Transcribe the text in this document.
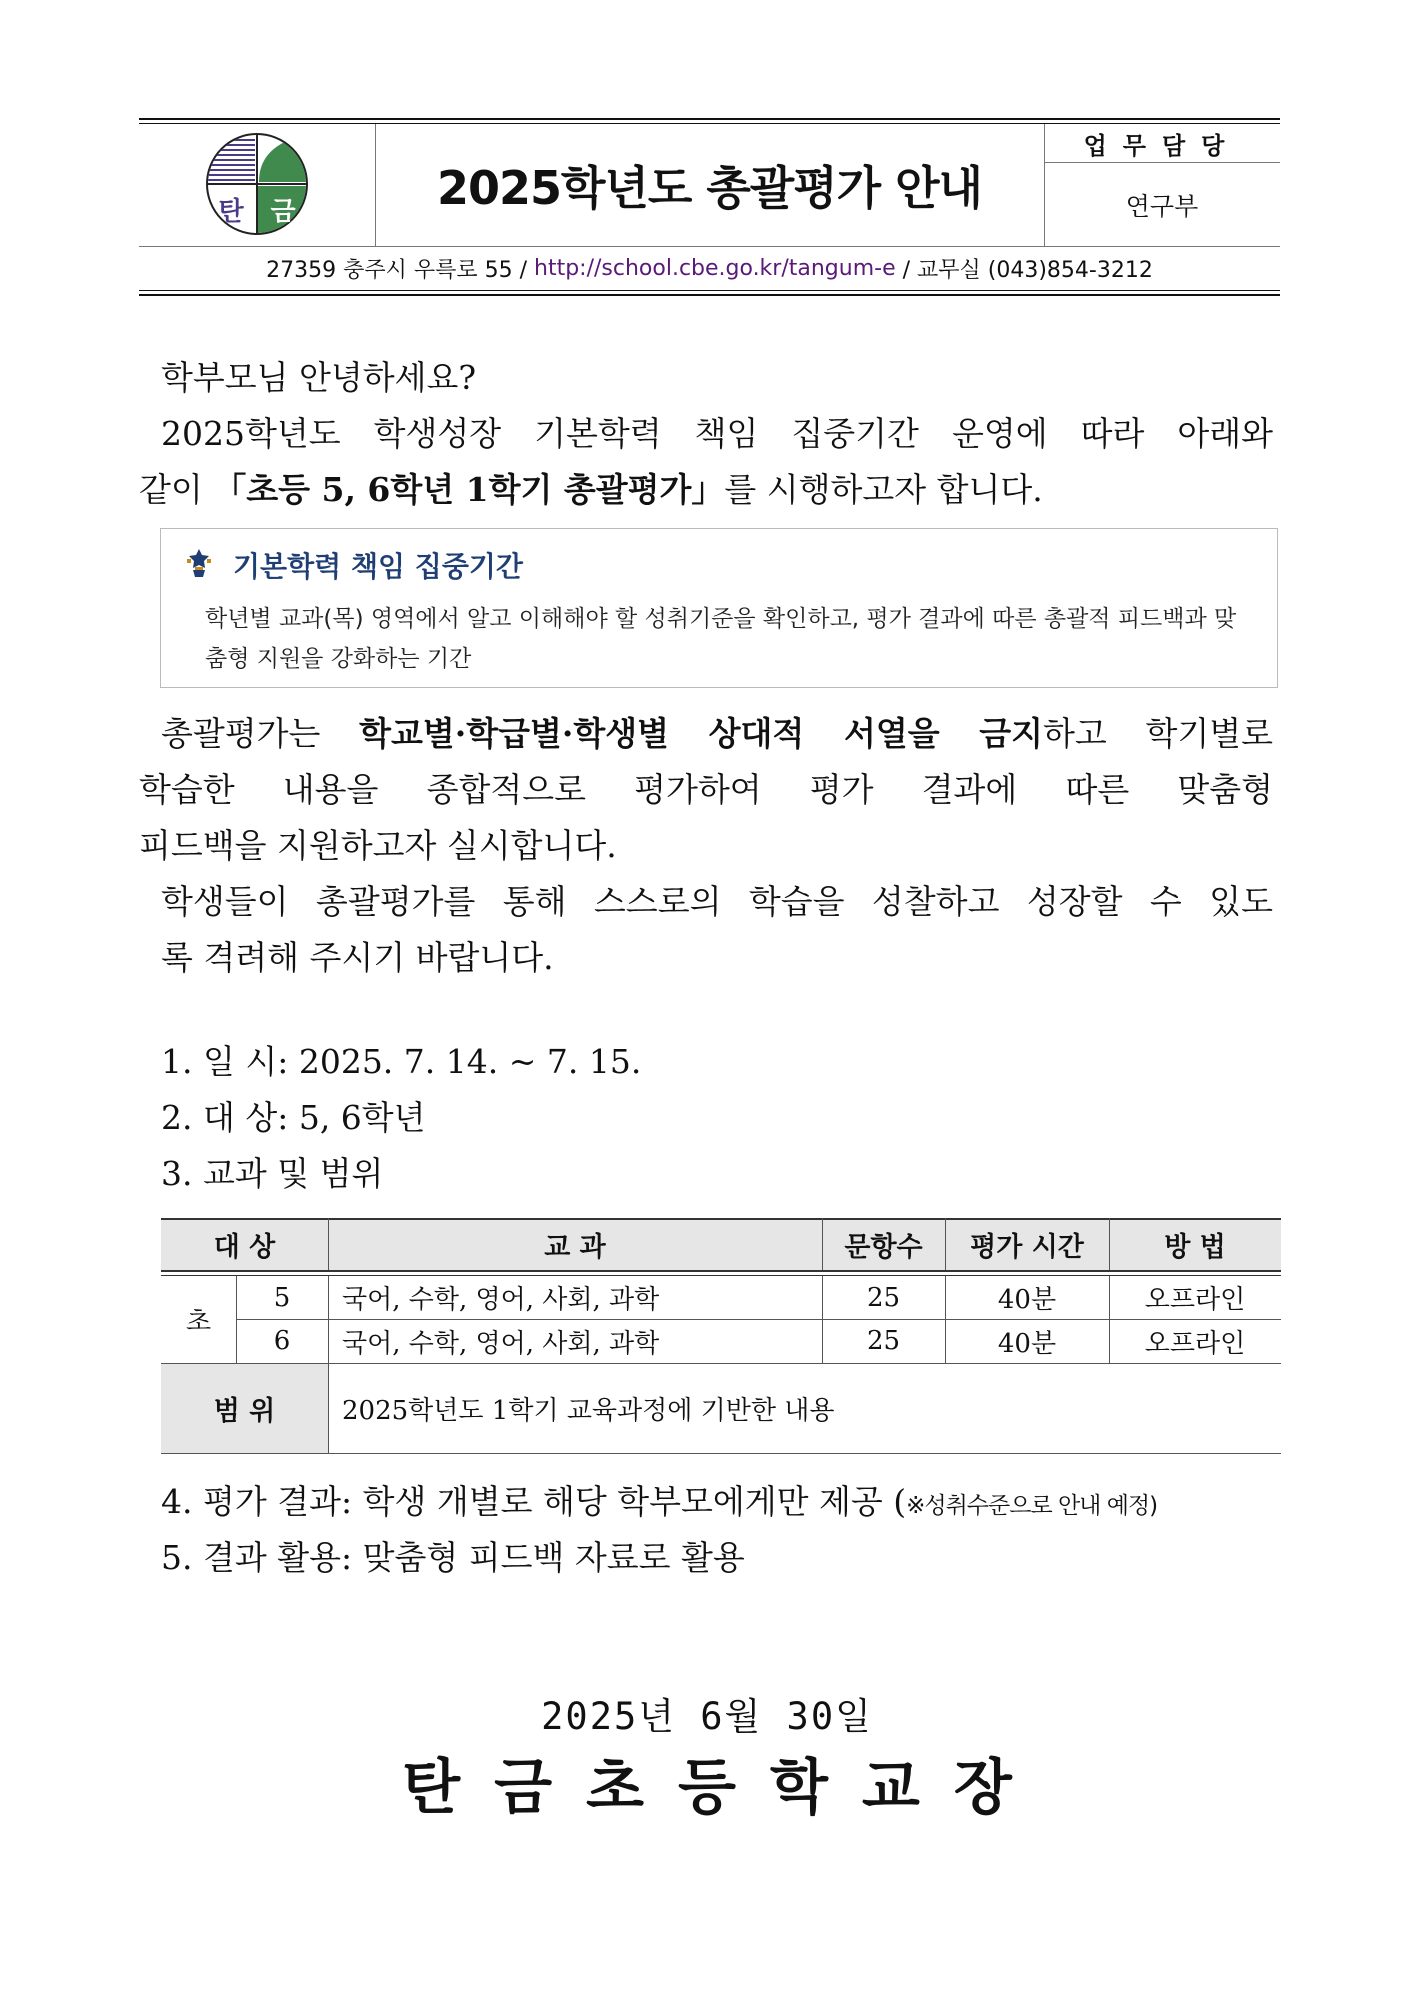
탄 금	2025학년도 총괄평가 안내
업무담당
연구부
27359 충주시 우륵로 55 / http://school.cbe.go.kr/tangum-e / 교무실 (043)854-3212
학부모님 안녕하세요?
2025학년도 학생성장 기본학력 책임 집중기간 운영에 따라 아래와
같이 「초등 5, 6학년 1학기 총괄평가」를 시행하고자 합니다.
기본학력 책임 집중기간
학년별 교과(목) 영역에서 알고 이해해야 할 성취기준을 확인하고, 평가 결과에 따른 총괄적 피드백과 맞춤형 지원을 강화하는 기간
총괄평가는 학교별·학급별·학생별 상대적 서열을 금지하고 학기별로
학습한 내용을 종합적으로 평가하여 평가 결과에 따른 맞춤형
피드백을 지원하고자 실시합니다.
학생들이 총괄평가를 통해 스스로의 학습을 성찰하고 성장할 수 있도
록 격려해 주시기 바랍니다.
1. 일 시: 2025. 7. 14. ~ 7. 15.
2. 대 상: 5, 6학년
3. 교과 및 범위
대 상	교 과	문항수	평가 시간	방 법
초
5	국어, 수학, 영어, 사회, 과학	25	40분	오프라인
6	국어, 수학, 영어, 사회, 과학	25	40분	오프라인
범 위	2025학년도 1학기 교육과정에 기반한 내용
4. 평가 결과: 학생 개별로 해당 학부모에게만 제공 (※성취수준으로 안내 예정)
5. 결과 활용: 맞춤형 피드백 자료로 활용
2025년 6월 30일
탄금초등학교장
